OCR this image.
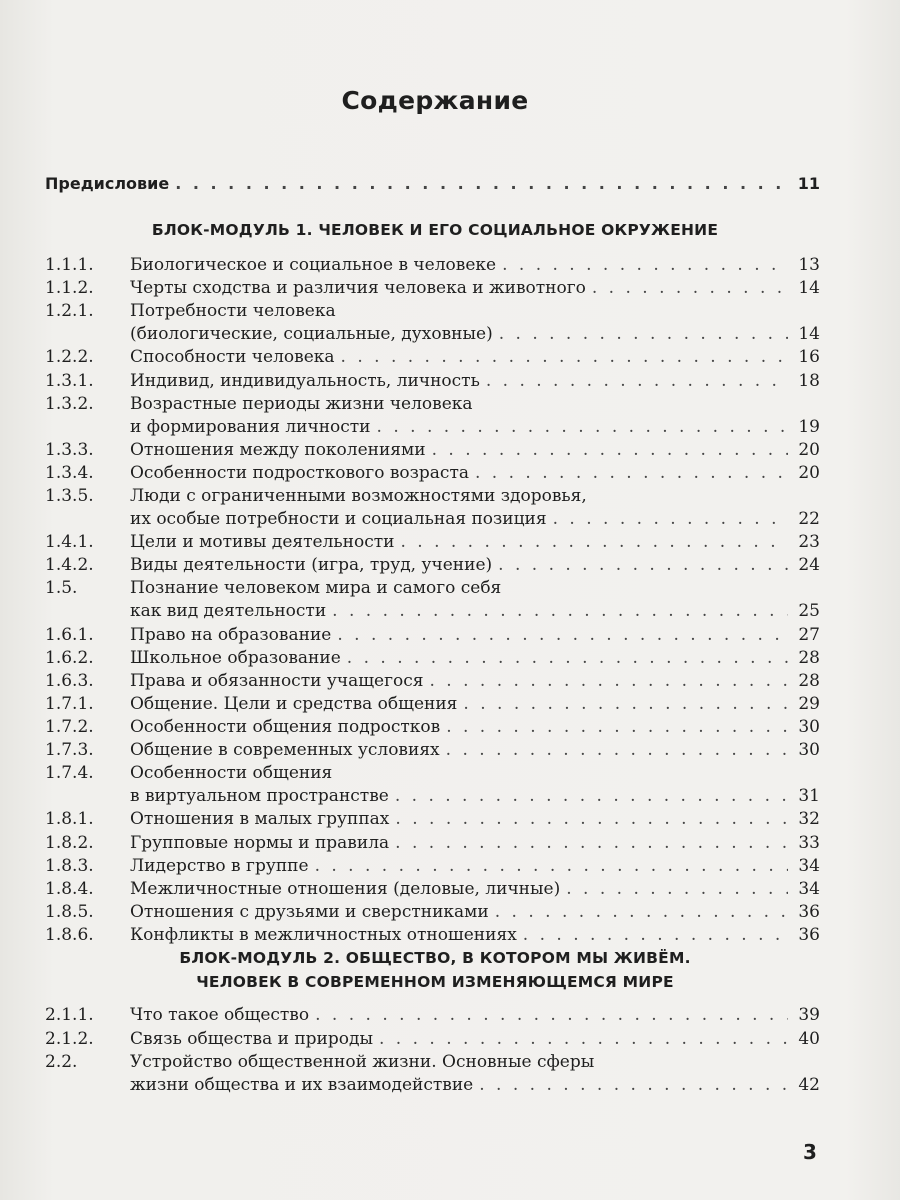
Содержание
Предисловие . . .	11
БЛОК-МОДУЛЬ 1. ЧЕЛОВЕК И ЕГО СОЦИАЛЬНОЕ ОКРУЖЕНИЕ
1.1.1. Биологическое и социальное в человеке . . .	13
1.1.2. Черты сходства и различия человека и животного . . .	14
1.2.1. Потребности человека
(биологические, социальные, духовные) . . .	14
1.2.2. Способности человека . . .	16
1.3.1. Индивид, индивидуальность, личность . . .	18
1.3.2. Возрастные периоды жизни человека
и формирования личности . . .	19
1.3.3. Отношения между поколениями . . .	20
1.3.4. Особенности подросткового возраста . . .	20
1.3.5. Люди с ограниченными возможностями здоровья,
их особые потребности и социальная позиция . . .	22
1.4.1. Цели и мотивы деятельности . . .	23
1.4.2. Виды деятельности (игра, труд, учение) . . .	24
1.5.	Познание человеком мира и самого себя
как вид деятельности . . .	25
1.6.1. Право на образование . . .	27
1.6.2. Школьное образование . . .	28
1.6.3. Права и обязанности учащегося . . .	28
1.7.1. Общение. Цели и средства общения . . .	29
1.7.2. Особенности общения подростков . . .	30
1.7.3. Общение в современных условиях . . .	30
1.7.4. Особенности общения
в виртуальном пространстве . . .	31
1.8.1. Отношения в малых группах . . .	32
1.8.2. Групповые нормы и правила . . .	33
1.8.3. Лидерство в группе . . .	34
1.8.4. Межличностные отношения (деловые, личные) . . .	34
1.8.5. Отношения с друзьями и сверстниками . . .	36
1.8.6. Конфликты в межличностных отношениях . . .	36
БЛОК-МОДУЛЬ 2. ОБЩЕСТВО, В КОТОРОМ МЫ ЖИВЁМ.
ЧЕЛОВЕК В СОВРЕМЕННОМ ИЗМЕНЯЮЩЕМСЯ МИРЕ
2.1.1. Что такое общество . . .	39
2.1.2. Связь общества и природы . . .	40
2.2.	Устройство общественной жизни. Основные сферы
жизни общества и их взаимодействие . . .	42
3
